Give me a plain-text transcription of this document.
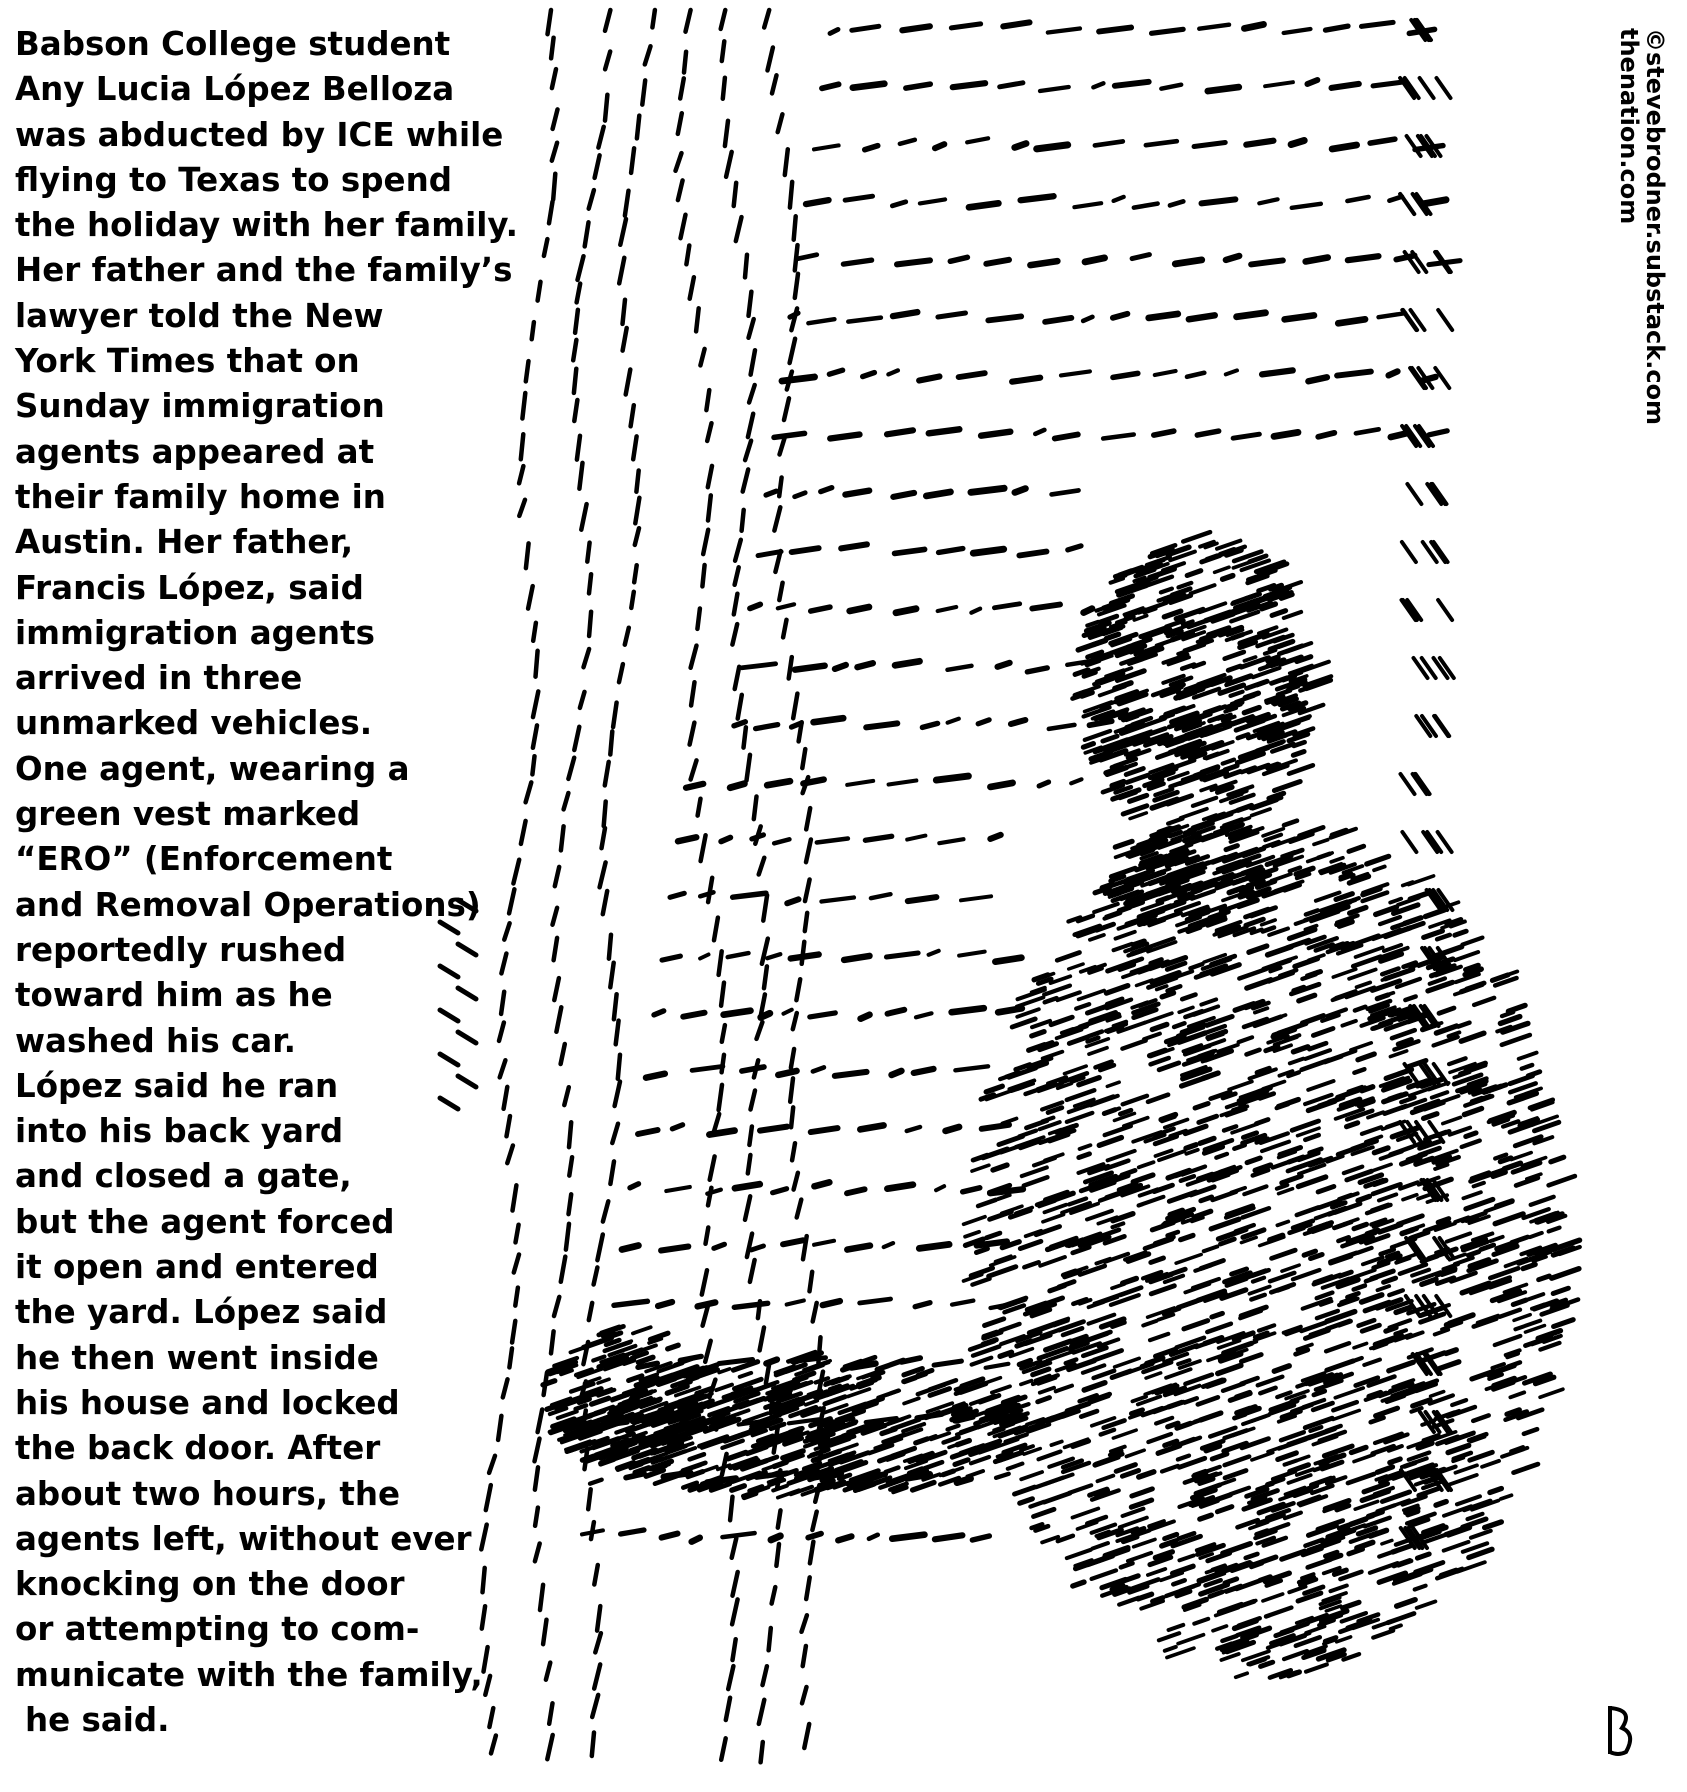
Babson College student
Any Lucia López Belloza
was abducted by ICE while
flying to Texas to spend
the holiday with her family.
Her father and the family’s
lawyer told the New
York Times that on
Sunday immigration
agents appeared at
their family home in
Austin. Her father,
Francis López, said
immigration agents
arrived in three
unmarked vehicles.
One agent, wearing a
green vest marked
“ERO” (Enforcement
and Removal Operations)
reportedly rushed
toward him as he
washed his car.
López said he ran
into his back yard
and closed a gate,
but the agent forced
it open and entered
the yard. López said
he then went inside
his house and locked
the back door. After
about two hours, the
agents left, without ever
knocking on the door
or attempting to com-
municate with the family,
he said.
©stevebrodner.substack.com
thenation.com
